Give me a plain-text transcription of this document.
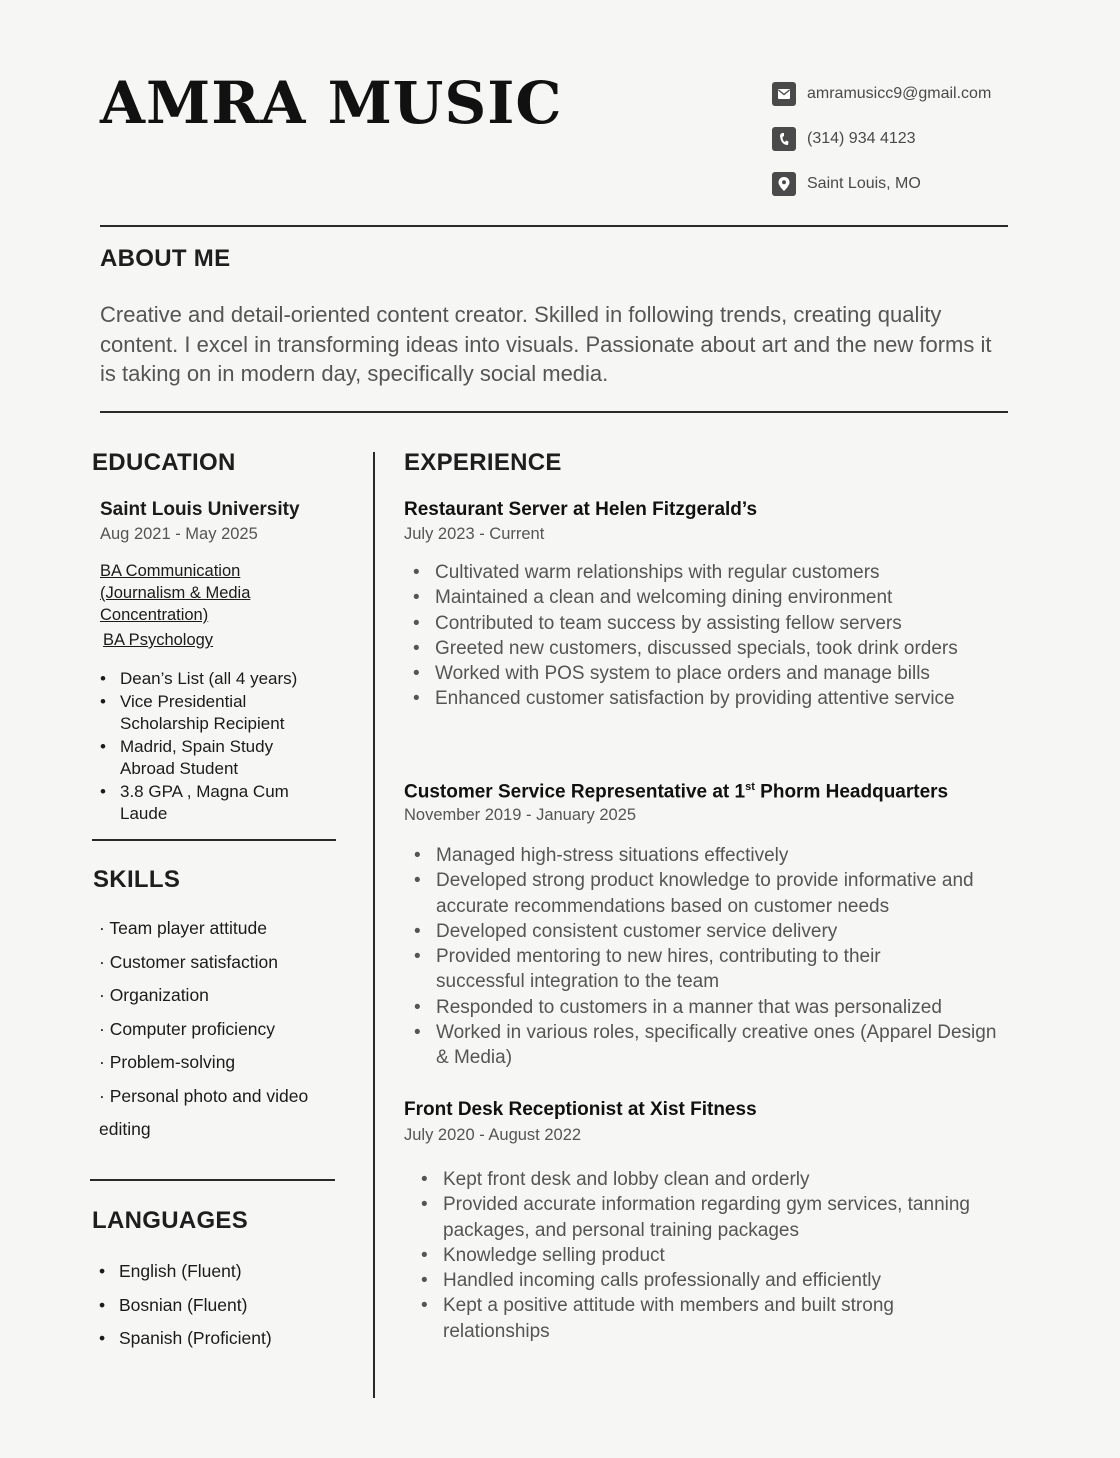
AMRA MUSIC	amramusicc9@gmail.com
(314) 934 4123
Saint Louis, MO
ABOUT ME
Creative and detail-oriented content creator. Skilled in following trends, creating quality content. I excel in transforming ideas into visuals. Passionate about art and the new forms it is taking on in modern day, specifically social media.
EDUCATION
Saint Louis University
Aug 2021 - May 2025
BA Communication
(Journalism & Media
Concentration)
BA Psychology
• Dean’s List (all 4 years)
• Vice Presidential Scholarship Recipient
• Madrid, Spain Study Abroad Student
• 3.8 GPA , Magna Cum Laude
SKILLS
· Team player attitude
· Customer satisfaction
· Organization
· Computer proficiency
· Problem-solving
· Personal photo and video editing
LANGUAGES
• English (Fluent)
• Bosnian (Fluent)
• Spanish (Proficient)
EXPERIENCE
Restaurant Server at Helen Fitzgerald’s
July 2023 - Current
• Cultivated warm relationships with regular customers
• Maintained a clean and welcoming dining environment
• Contributed to team success by assisting fellow servers
• Greeted new customers, discussed specials, took drink orders
• Worked with POS system to place orders and manage bills
• Enhanced customer satisfaction by providing attentive service
Customer Service Representative at 1st Phorm Headquarters
November 2019 - January 2025
• Managed high-stress situations effectively
• Developed strong product knowledge to provide informative and accurate recommendations based on customer needs
• Developed consistent customer service delivery
• Provided mentoring to new hires, contributing to their successful integration to the team
• Responded to customers in a manner that was personalized
• Worked in various roles, specifically creative ones (Apparel Design & Media)
Front Desk Receptionist at Xist Fitness
July 2020 - August 2022
• Kept front desk and lobby clean and orderly
• Provided accurate information regarding gym services, tanning packages, and personal training packages
• Knowledge selling product
• Handled incoming calls professionally and efficiently
• Kept a positive attitude with members and built strong relationships
